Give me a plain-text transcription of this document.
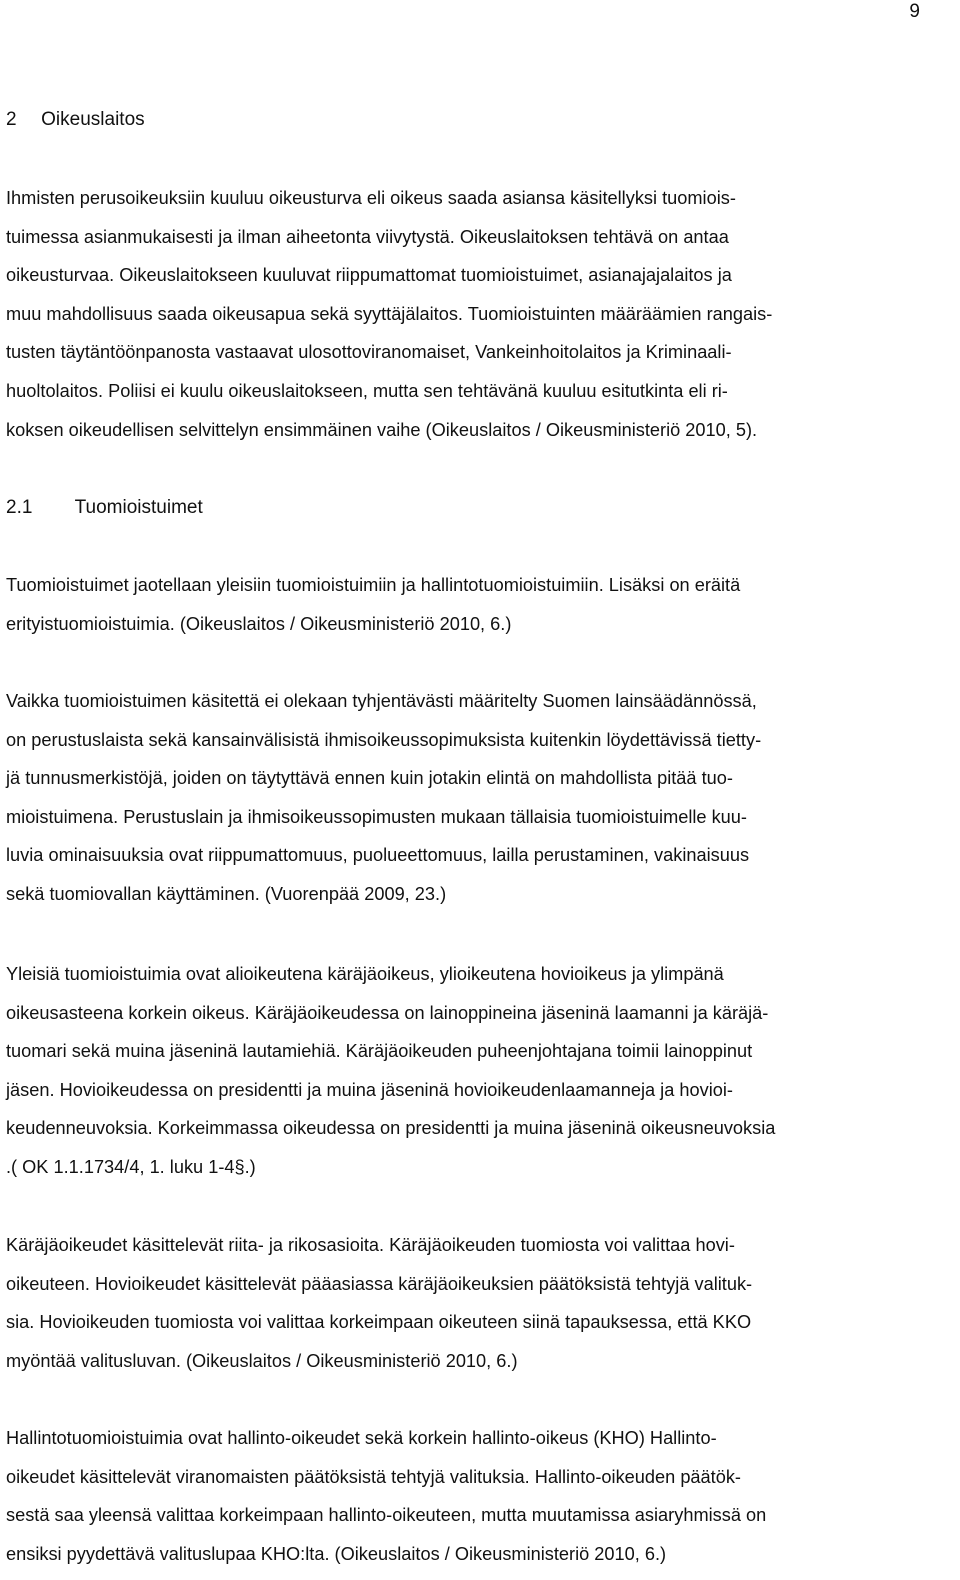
9
2 Oikeuslaitos
Ihmisten perusoikeuksiin kuuluu oikeusturva eli oikeus saada asiansa käsitellyksi tuomiois-
tuimessa asianmukaisesti ja ilman aiheetonta viivytystä. Oikeuslaitoksen tehtävä on antaa
oikeusturvaa. Oikeuslaitokseen kuuluvat riippumattomat tuomioistuimet, asianajajalaitos ja
muu mahdollisuus saada oikeusapua sekä syyttäjälaitos. Tuomioistuinten määräämien rangais-
tusten täytäntöönpanosta vastaavat ulosottoviranomaiset, Vankeinhoitolaitos ja Kriminaali-
huoltolaitos. Poliisi ei kuulu oikeuslaitokseen, mutta sen tehtävänä kuuluu esitutkinta eli ri-
koksen oikeudellisen selvittelyn ensimmäinen vaihe (Oikeuslaitos / Oikeusministeriö 2010, 5).
2.1 Tuomioistuimet
Tuomioistuimet jaotellaan yleisiin tuomioistuimiin ja hallintotuomioistuimiin. Lisäksi on eräitä
erityistuomioistuimia. (Oikeuslaitos / Oikeusministeriö 2010, 6.)
Vaikka tuomioistuimen käsitettä ei olekaan tyhjentävästi määritelty Suomen lainsäädännössä,
on perustuslaista sekä kansainvälisistä ihmisoikeussopimuksista kuitenkin löydettävissä tietty-
jä tunnusmerkistöjä, joiden on täytyttävä ennen kuin jotakin elintä on mahdollista pitää tuo-
mioistuimena. Perustuslain ja ihmisoikeussopimusten mukaan tällaisia tuomioistuimelle kuu-
luvia ominaisuuksia ovat riippumattomuus, puolueettomuus, lailla perustaminen, vakinaisuus
sekä tuomiovallan käyttäminen. (Vuorenpää 2009, 23.)
Yleisiä tuomioistuimia ovat alioikeutena käräjäoikeus, ylioikeutena hovioikeus ja ylimpänä
oikeusasteena korkein oikeus. Käräjäoikeudessa on lainoppineina jäseninä laamanni ja käräjä-
tuomari sekä muina jäseninä lautamiehiä. Käräjäoikeuden puheenjohtajana toimii lainoppinut
jäsen. Hovioikeudessa on presidentti ja muina jäseninä hovioikeudenlaamanneja ja hovioi-
keudenneuvoksia. Korkeimmassa oikeudessa on presidentti ja muina jäseninä oikeusneuvoksia
.( OK 1.1.1734/4, 1. luku 1-4§.)
Käräjäoikeudet käsittelevät riita- ja rikosasioita. Käräjäoikeuden tuomiosta voi valittaa hovi-
oikeuteen. Hovioikeudet käsittelevät pääasiassa käräjäoikeuksien päätöksistä tehtyjä valituk-
sia. Hovioikeuden tuomiosta voi valittaa korkeimpaan oikeuteen siinä tapauksessa, että KKO
myöntää valitusluvan. (Oikeuslaitos / Oikeusministeriö 2010, 6.)
Hallintotuomioistuimia ovat hallinto-oikeudet sekä korkein hallinto-oikeus (KHO) Hallinto-
oikeudet käsittelevät viranomaisten päätöksistä tehtyjä valituksia. Hallinto-oikeuden päätök-
sestä saa yleensä valittaa korkeimpaan hallinto-oikeuteen, mutta muutamissa asiaryhmissä on
ensiksi pyydettävä valituslupaa KHO:lta. (Oikeuslaitos / Oikeusministeriö 2010, 6.)
